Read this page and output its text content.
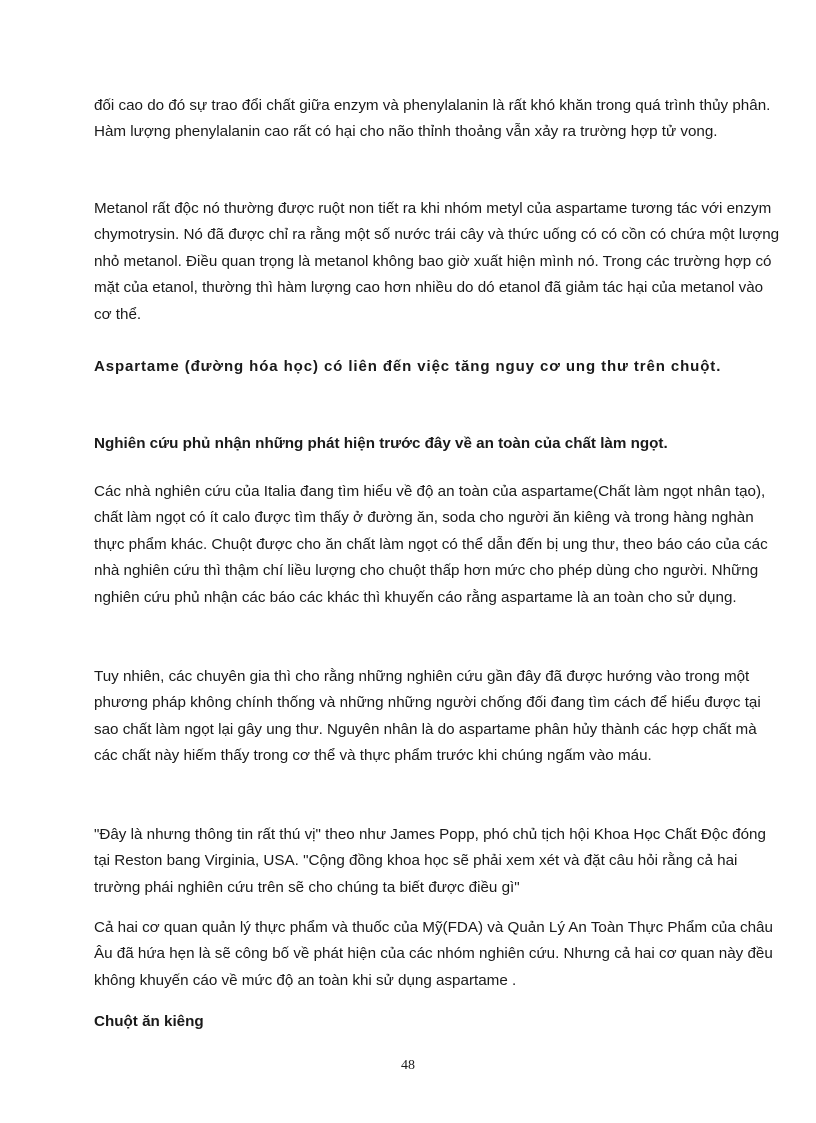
đối cao do đó sự trao đổi chất giữa enzym và phenylalanin là rất khó khăn trong quá trình thủy phân. Hàm lượng phenylalanin cao rất có hại cho não thỉnh thoảng vẫn xảy ra trường hợp tử vong.

Metanol rất độc nó thường được ruột non tiết ra khi nhóm metyl của aspartame tương tác với enzym chymotrysin. Nó đã được chỉ ra rằng một số nước trái cây và thức uống có có cồn có chứa một lượng nhỏ metanol. Điều quan trọng là metanol không bao giờ xuất hiện mình nó. Trong các trường hợp có mặt của etanol, thường thì hàm lượng cao hơn nhiều do dó etanol đã giảm tác hại của metanol vào cơ thể.

Aspartame (đường hóa học) có liên đến việc tăng nguy cơ ung thư trên chuột.
Nghiên cứu phủ nhận những phát hiện trước đây về an toàn của chất làm ngọt.

Các nhà nghiên cứu của Italia đang tìm hiểu về độ an toàn của aspartame(Chất làm ngọt nhân tạo), chất làm ngọt có ít calo được tìm thấy ở đường ăn, soda cho người ăn kiêng và trong hàng nghàn thực phẩm khác. Chuột được cho ăn chất làm ngọt có thể dẫn đến bị ung thư, theo báo cáo của các nhà nghiên cứu thì thậm chí liều lượng cho chuột thấp hơn mức cho phép dùng cho người. Những nghiên cứu phủ nhận các báo các khác thì khuyến cáo rằng aspartame là an toàn cho sử dụng.

Tuy nhiên, các chuyên gia thì cho rằng những nghiên cứu gần đây đã được hướng vào trong một phương pháp không chính thống và những những người chống đối đang tìm cách để hiểu được tại sao chất làm ngọt lại gây ung thư. Nguyên nhân là do aspartame phân hủy thành các hợp chất mà các chất này hiếm thấy trong cơ thể và thực phẩm trước khi chúng ngấm vào máu.

"Đây là nhưng thông tin rất thú vị" theo như James Popp, phó chủ tịch hội Khoa Học Chất Độc đóng tại Reston bang Virginia, USA. "Cộng đồng khoa học sẽ phải xem xét và đặt câu hỏi rằng cả hai trường phái nghiên cứu trên sẽ cho chúng ta biết được điều gì"

Cả hai cơ quan quản lý thực phẩm và thuốc của Mỹ(FDA) và Quản Lý An Toàn Thực Phẩm của châu Âu đã hứa hẹn là sẽ công bố về phát hiện của các nhóm nghiên cứu. Nhưng cả hai cơ quan này đều không khuyến cáo về mức độ an toàn khi sử dụng aspartame .

Chuột ăn kiêng
48
